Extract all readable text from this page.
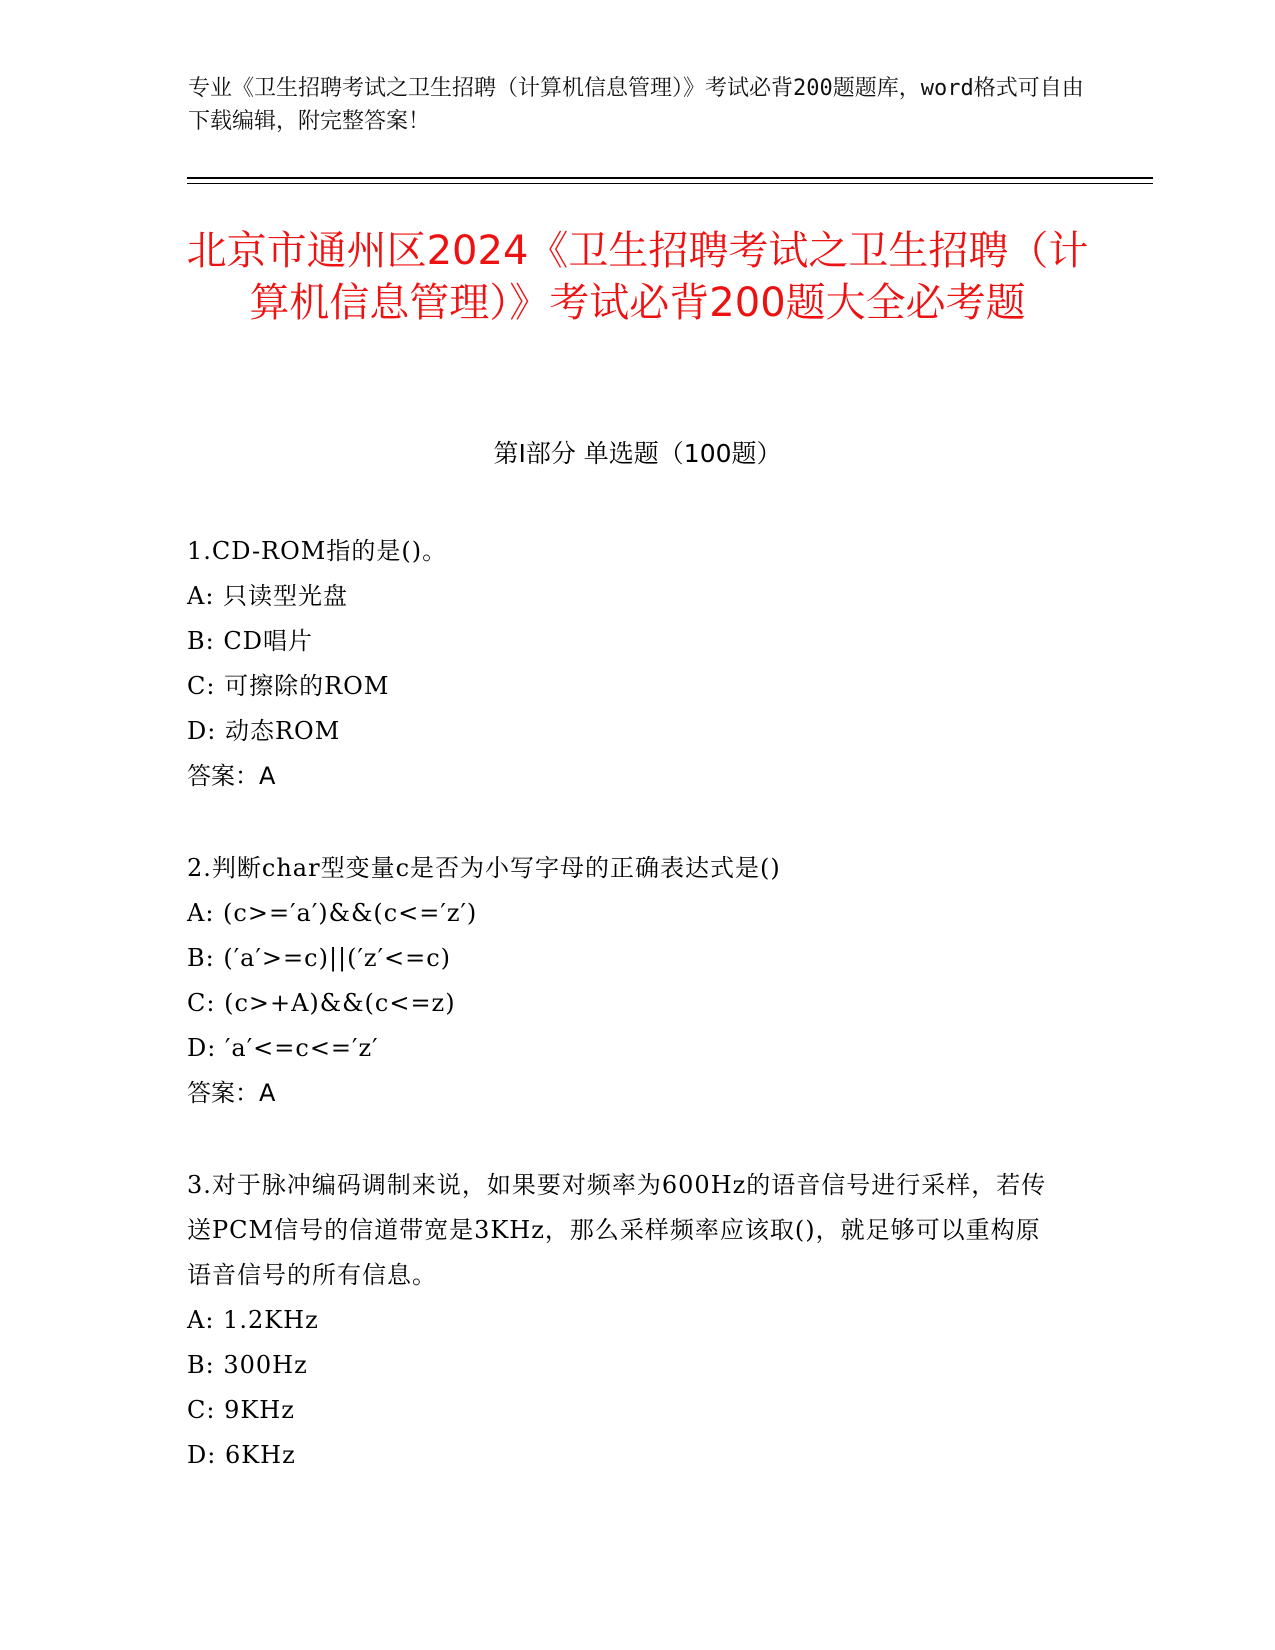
专业《卫生招聘考试之卫生招聘（计算机信息管理）》考试必背200题题库，word格式可自由下载编辑，附完整答案！
北京市通州区2024《卫生招聘考试之卫生招聘（计算机信息管理）》考试必背200题大全必考题
第Ⅰ部分 单选题（100题）

1.CD-ROM指的是()。

A: 只读型光盘

B: CD唱片

C: 可擦除的ROM

D: 动态ROM

答案：A

2.判断char型变量c是否为小写字母的正确表达式是()

A: (c>=′a′)&&(c<=′z′)

B: (′a′>=c)||(′z′<=c)

C: (c>+A)&&(c<=z)

D: ′a′<=c<=′z′

答案：A

3.对于脉冲编码调制来说，如果要对频率为600Hz的语音信号进行采样，若传送PCM信号的信道带宽是3KHz，那么采样频率应该取()，就足够可以重构原语音信号的所有信息。

A: 1.2KHz

B: 300Hz

C: 9KHz

D: 6KHz
